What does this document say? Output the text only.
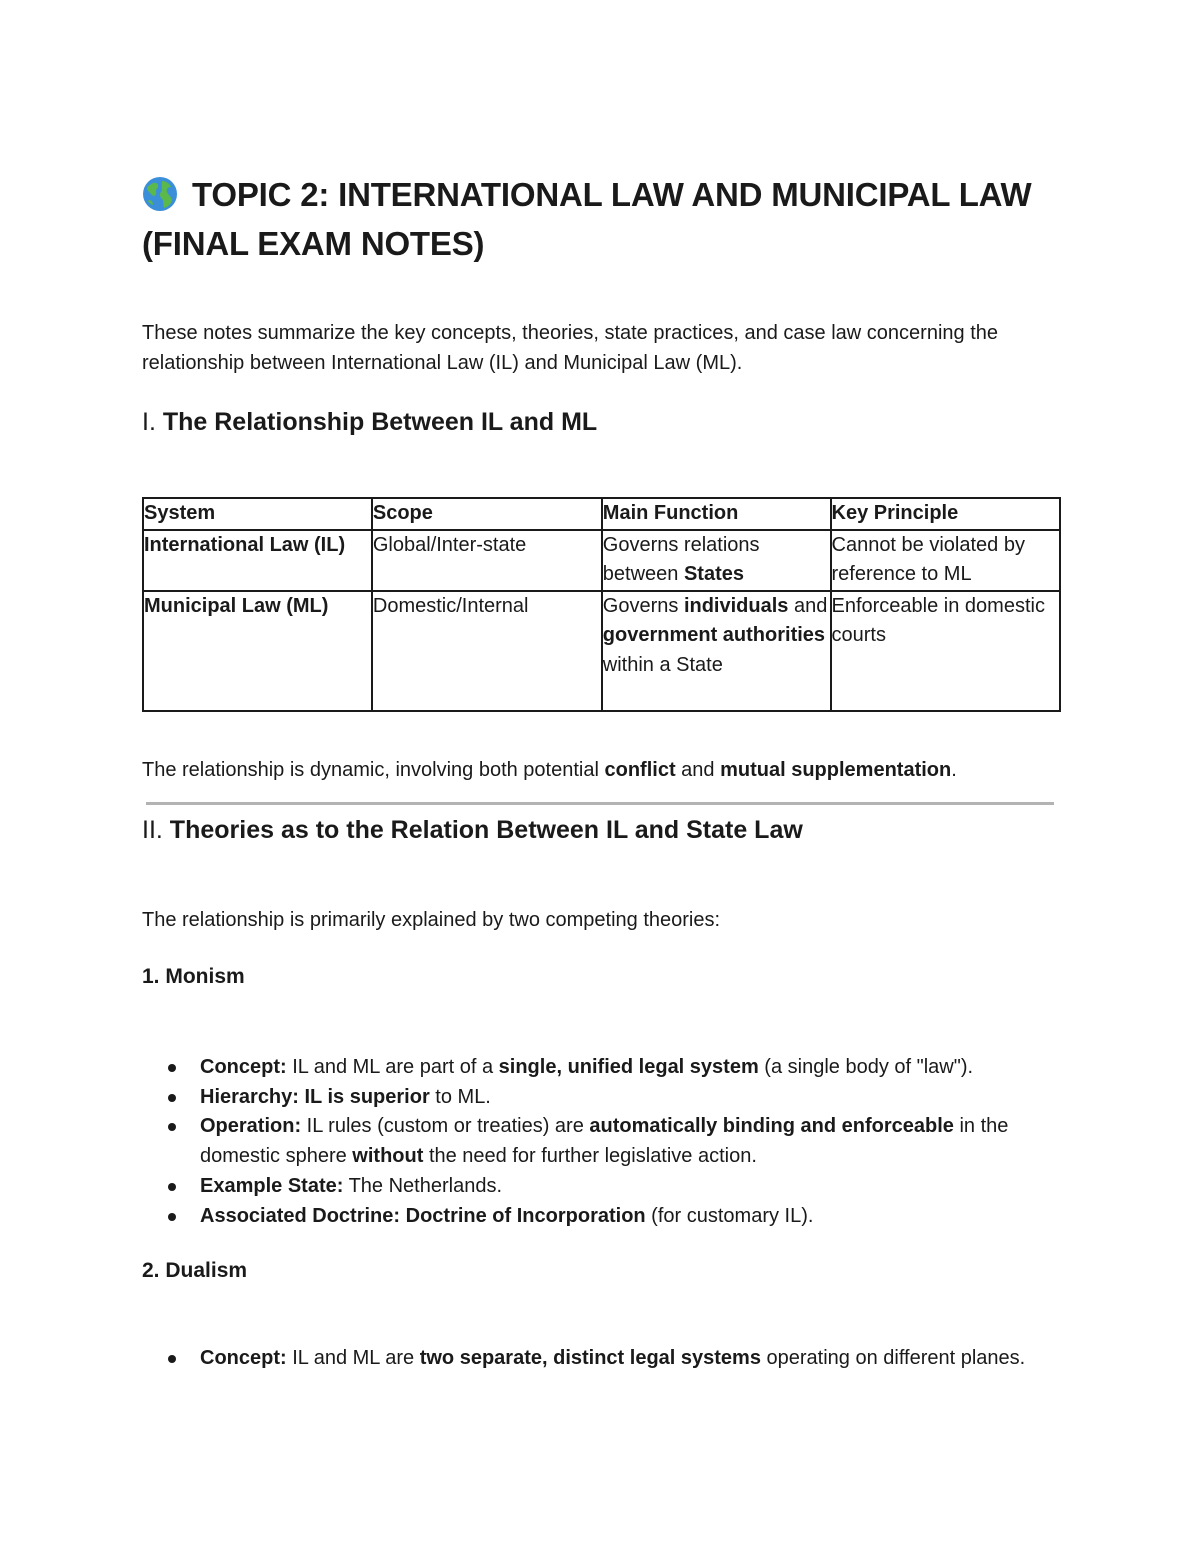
TOPIC 2: INTERNATIONAL LAW AND MUNICIPAL LAW (FINAL EXAM NOTES)

These notes summarize the key concepts, theories, state practices, and case law concerning the relationship between International Law (IL) and Municipal Law (ML).

I. The Relationship Between IL and ML
System	Scope	Main Function	Key Principle
International Law (IL)	Global/Inter-state	Governs relations between States	Cannot be violated by reference to ML
Municipal Law (ML)	Domestic/Internal	Governs individuals and government authorities within a State	Enforceable in domestic courts

The relationship is dynamic, involving both potential conflict and mutual supplementation.

II. Theories as to the Relation Between IL and State Law

The relationship is primarily explained by two competing theories:

1. Monism
Concept: IL and ML are part of a single, unified legal system (a single body of "law").
Hierarchy: IL is superior to ML.
Operation: IL rules (custom or treaties) are automatically binding and enforceable in the domestic sphere without the need for further legislative action.
Example State: The Netherlands.
Associated Doctrine: Doctrine of Incorporation (for customary IL).
2. Dualism
Concept: IL and ML are two separate, distinct legal systems operating on different planes.
